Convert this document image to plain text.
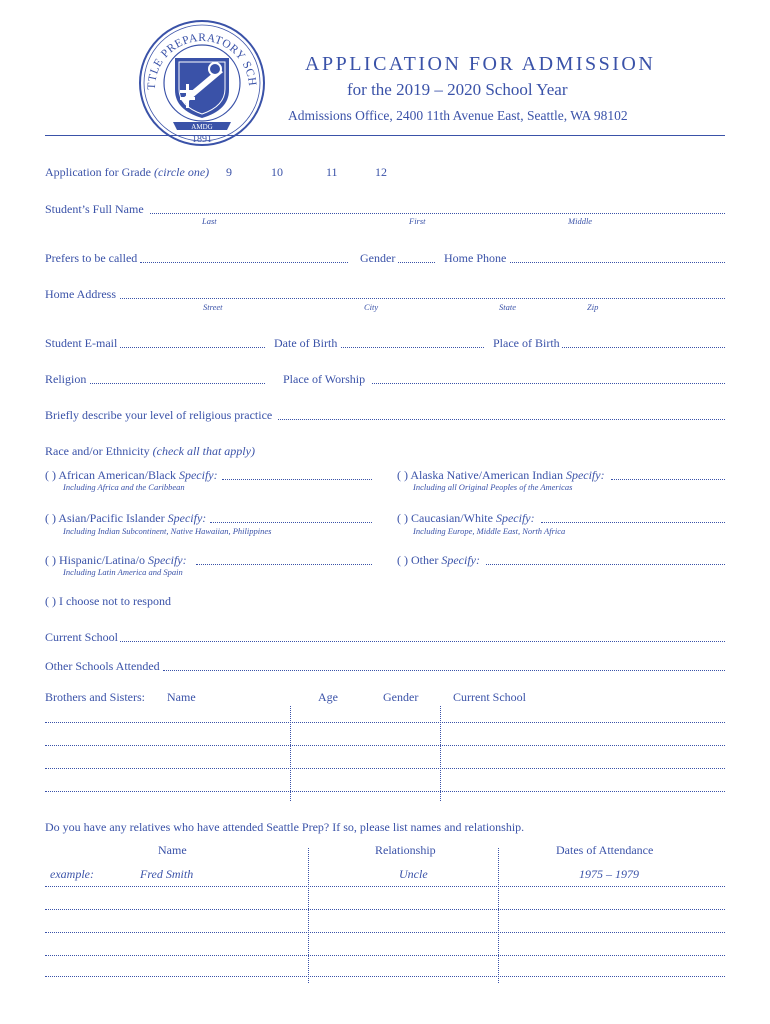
TTLE PREPARATORY SCH
AMDG
1891
APPLICATION FOR ADMISSION
for the 2019 – 2020 School Year
Admissions Office, 2400 11th Avenue East, Seattle, WA 98102
Application for Grade (circle one) 9	10	11	12
Student’s Full Name
Last	First	Middle
Prefers to be called	Gender	Home Phone
Home Address
Street	City	State	Zip
Student E-mail	Date of Birth	Place of Birth
Religion	Place of Worship
Briefly describe your level of religious practice
Race and/or Ethnicity (check all that apply)
( ) African American/Black Specify:
Including Africa and the Caribbean
( ) Alaska Native/American Indian Specify:
Including all Original Peoples of the Americas
( ) Asian/Pacific Islander Specify:
Including Indian Subcontinent, Native Hawaiian, Philippines
( ) Caucasian/White Specify:
Including Europe, Middle East, North Africa
( ) Hispanic/Latina/o Specify:
Including Latin America and Spain
( ) Other Specify:
( ) I choose not to respond
Current School
Other Schools Attended
Brothers and Sisters: Name	Age	Gender	Current School
Do you have any relatives who have attended Seattle Prep? If so, please list names and relationship.
Name	Relationship	Dates of Attendance
example:	Fred Smith	Uncle	1975 – 1979
